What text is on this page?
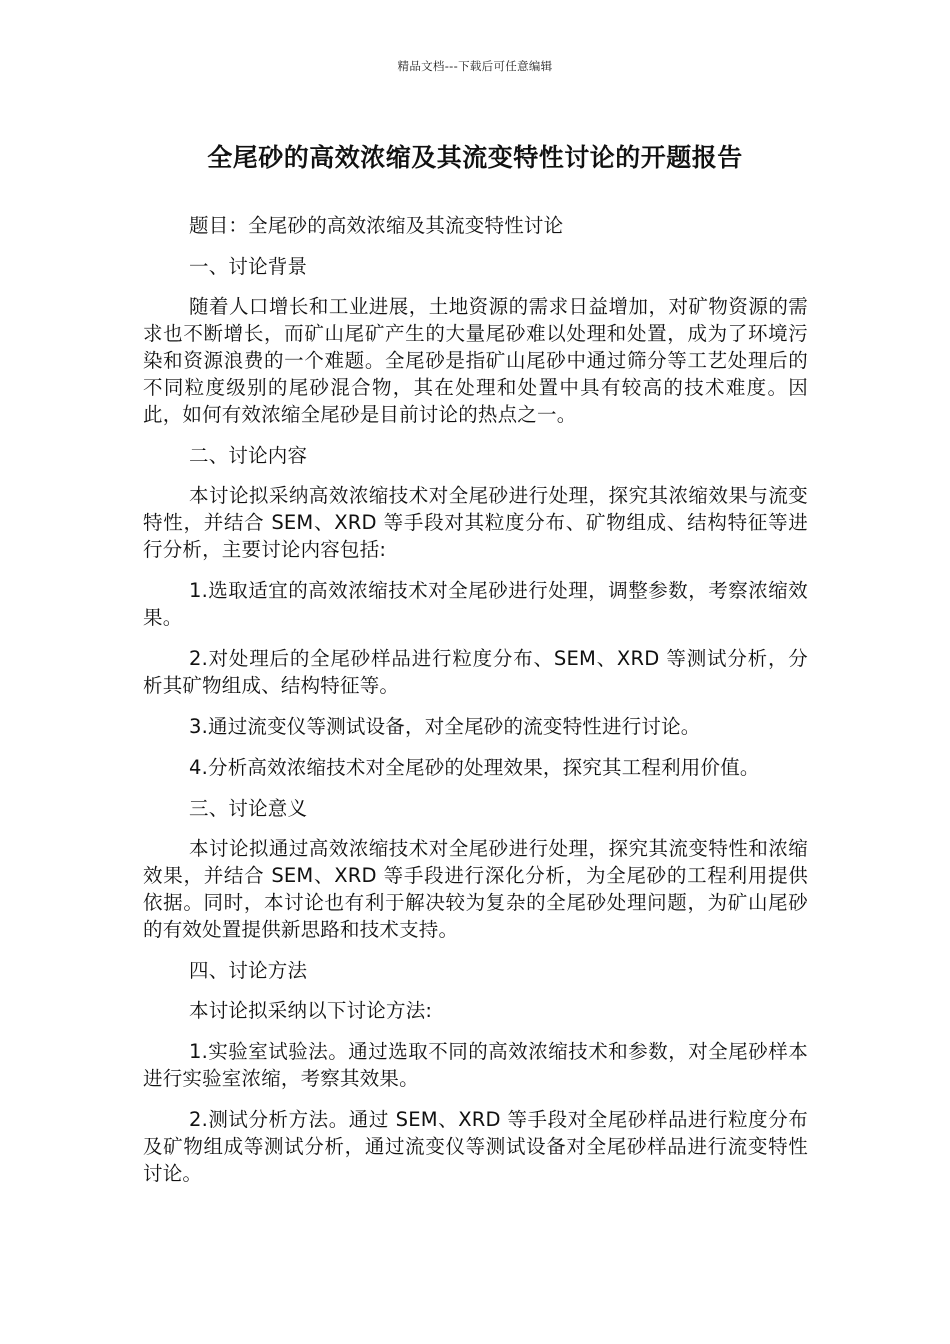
精品文档---下载后可任意编辑
全尾砂的高效浓缩及其流变特性讨论的开题报告

题目：全尾砂的高效浓缩及其流变特性讨论

一、讨论背景

随着人口增长和工业进展，土地资源的需求日益增加，对矿物资源的需求也不断增长，而矿山尾矿产生的大量尾砂难以处理和处置，成为了环境污染和资源浪费的一个难题。全尾砂是指矿山尾砂中通过筛分等工艺处理后的不同粒度级别的尾砂混合物，其在处理和处置中具有较高的技术难度。因此，如何有效浓缩全尾砂是目前讨论的热点之一。

二、讨论内容

本讨论拟采纳高效浓缩技术对全尾砂进行处理，探究其浓缩效果与流变特性，并结合 SEM、XRD 等手段对其粒度分布、矿物组成、结构特征等进行分析，主要讨论内容包括:

1.选取适宜的高效浓缩技术对全尾砂进行处理，调整参数，考察浓缩效果。

2.对处理后的全尾砂样品进行粒度分布、SEM、XRD 等测试分析，分析其矿物组成、结构特征等。

3.通过流变仪等测试设备，对全尾砂的流变特性进行讨论。

4.分析高效浓缩技术对全尾砂的处理效果，探究其工程利用价值。

三、讨论意义

本讨论拟通过高效浓缩技术对全尾砂进行处理，探究其流变特性和浓缩效果，并结合 SEM、XRD 等手段进行深化分析，为全尾砂的工程利用提供依据。同时，本讨论也有利于解决较为复杂的全尾砂处理问题，为矿山尾砂的有效处置提供新思路和技术支持。

四、讨论方法

本讨论拟采纳以下讨论方法:

1.实验室试验法。通过选取不同的高效浓缩技术和参数，对全尾砂样本进行实验室浓缩，考察其效果。

2.测试分析方法。通过 SEM、XRD 等手段对全尾砂样品进行粒度分布及矿物组成等测试分析，通过流变仪等测试设备对全尾砂样品进行流变特性讨论。
